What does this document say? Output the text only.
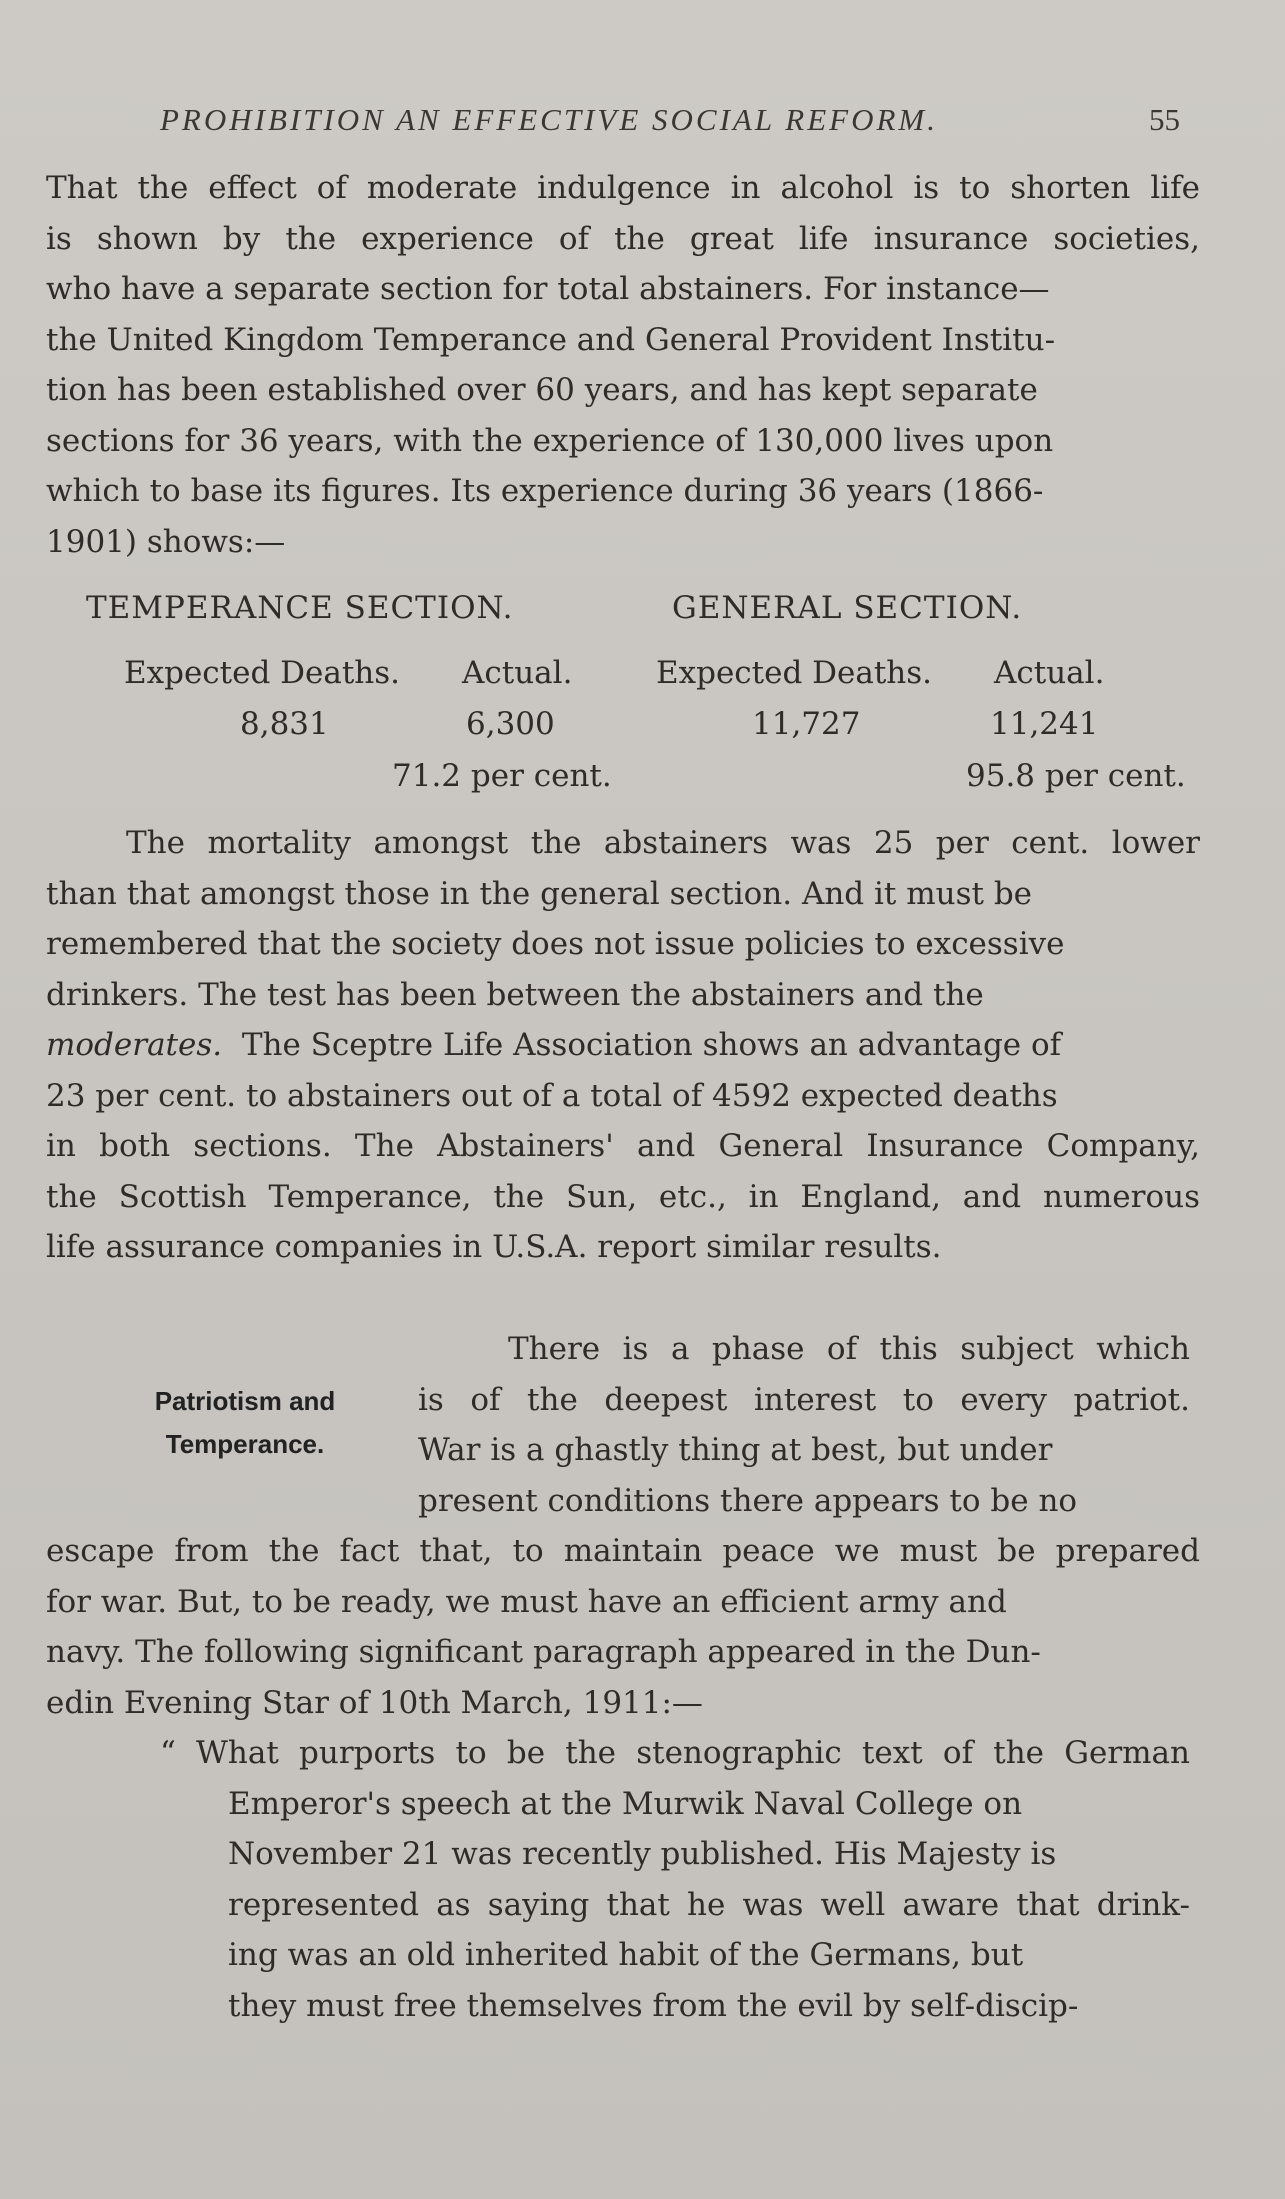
PROHIBITION AN EFFECTIVE SOCIAL REFORM.	55
That the effect of moderate indulgence in alcohol is to shorten life
is shown by the experience of the great life insurance societies,
who have a separate section for total abstainers. For instance—
the United Kingdom Temperance and General Provident Institu-
tion has been established over 60 years, and has kept separate
sections for 36 years, with the experience of 130,000 lives upon
which to base its figures. Its experience during 36 years (1866-
1901) shows:—
TEMPERANCE SECTION.	GENERAL SECTION.
Expected Deaths. Actual.	Expected Deaths. Actual.
8,831	6,300	11,727	11,241
71.2 per cent.	95.8 per cent.
The mortality amongst the abstainers was 25 per cent. lower
than that amongst those in the general section. And it must be
remembered that the society does not issue policies to excessive
drinkers. The test has been between the abstainers and the
moderates. The Sceptre Life Association shows an advantage of
23 per cent. to abstainers out of a total of 4592 expected deaths
in both sections. The Abstainers' and General Insurance Company,
the Scottish Temperance, the Sun, etc., in England, and numerous
life assurance companies in U.S.A. report similar results.
Patriotism and
Temperance.
There is a phase of this subject which
is of the deepest interest to every patriot.
War is a ghastly thing at best, but under
present conditions there appears to be no
escape from the fact that, to maintain peace we must be prepared
for war. But, to be ready, we must have an efficient army and
navy. The following significant paragraph appeared in the Dun-
edin Evening Star of 10th March, 1911:—
“ What purports to be the stenographic text of the German
Emperor's speech at the Murwik Naval College on
November 21 was recently published. His Majesty is
represented as saying that he was well aware that drink-
ing was an old inherited habit of the Germans, but
they must free themselves from the evil by self-discip-
